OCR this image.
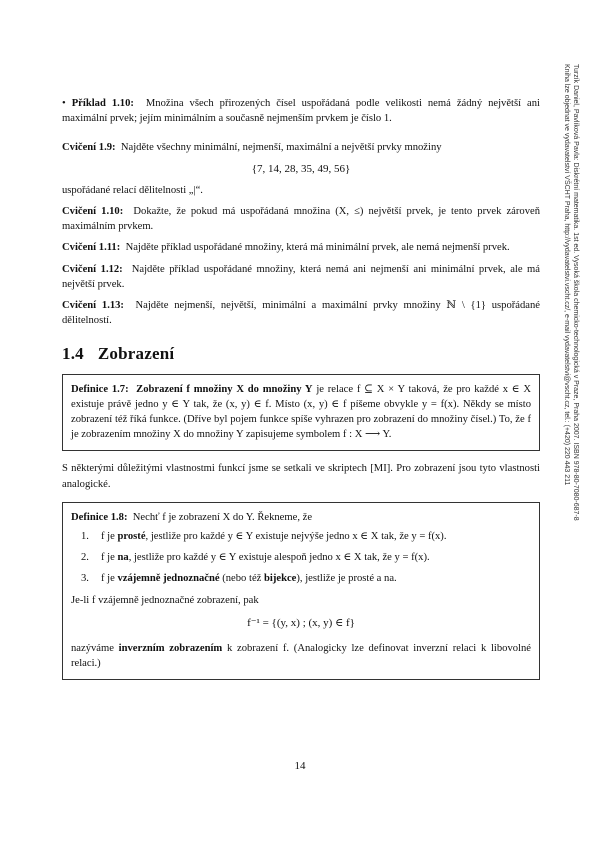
Turzík Daniel, Pavlíková Pavla: Diskrétní matematika. 1st ed. Vysoká škola chemicko-technologická v Praze, Praha 2007. ISBN 978-80-7080-687-8
Kniha lze objednat ve vydavatelství VŠCHT Praha, http://vydavatelstvi.vscht.cz/, e-mail vydavatelstvi@vscht.cz, tel.: (+420) 220 443 211

• Příklad 1.10: Množina všech přirozených čísel uspořádaná podle velikosti nemá žádný největší ani maximální prvek; jejím minimálním a současně nejmenším prvkem je číslo 1.

Cvičení 1.9: Najděte všechny minimální, nejmenší, maximální a největší prvky množiny

{7, 14, 28, 35, 49, 56}

uspořádané relací dělitelnosti „|“.

Cvičení 1.10: Dokažte, že pokud má uspořádaná množina (X, ≤) největší prvek, je tento prvek zároveň maximálním prvkem.

Cvičení 1.11: Najděte příklad uspořádané množiny, která má minimální prvek, ale nemá nejmenší prvek.

Cvičení 1.12: Najděte příklad uspořádané množiny, která nemá ani nejmenší ani minimální prvek, ale má největší prvek.

Cvičení 1.13: Najděte nejmenší, největší, minimální a maximální prvky množiny ℕ \ {1} uspořádané dělitelností.

1.4 Zobrazení

Definice 1.7: Zobrazení f množiny X do množiny Y je relace f ⊆ X × Y taková, že pro každé x ∈ X existuje právě jedno y ∈ Y tak, že (x, y) ∈ f. Místo (x, y) ∈ f píšeme obvykle y = f(x). Někdy se místo zobrazení též říká funkce. (Dříve byl pojem funkce spíše vyhrazen pro zobrazení do množiny čísel.) To, že f je zobrazením množiny X do množiny Y zapisujeme symbolem f : X ⟶ Y.

S některými důležitými vlastnostmi funkcí jsme se setkali ve skriptech [MI]. Pro zobrazení jsou tyto vlastnosti analogické.

Definice 1.8: Nechť f je zobrazení X do Y. Řekneme, že

1.	f je prosté, jestliže pro každé y ∈ Y existuje nejvýše jedno x ∈ X tak, že y = f(x).
2.	f je na, jestliže pro každé y ∈ Y existuje alespoň jedno x ∈ X tak, že y = f(x).
3.	f je vzájemně jednoznačné (nebo též bijekce), jestliže je prosté a na.

Je-li f vzájemně jednoznačné zobrazení, pak

f⁻¹ = {(y, x) ; (x, y) ∈ f}

nazýváme inverzním zobrazením k zobrazení f. (Analogicky lze definovat inverzní relaci k libovolné relaci.)

14
